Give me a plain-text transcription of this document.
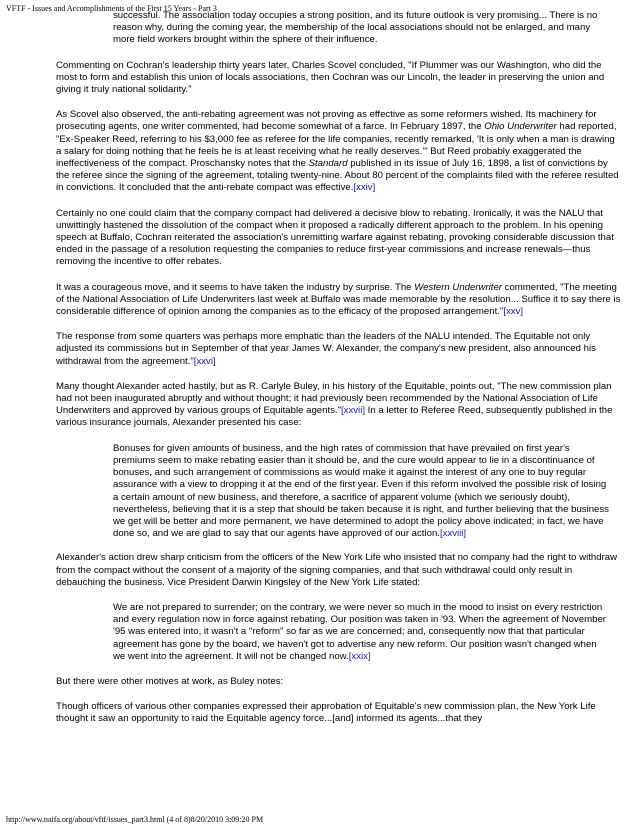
VFTF - Issues and Accomplishments of the First 15 Years - Part 3

successful. The association today occupies a strong position, and its future outlook is very promising... There is no reason why, during the coming year, the membership of the local associations should not be enlarged, and many more field workers brought within the sphere of their influence.

Commenting on Cochran's leadership thirty years later, Charles Scovel concluded, "If Plummer was our Washington, who did the most to form and establish this union of locals associations, then Cochran was our Lincoln, the leader in preserving the union and giving it truly national solidarity."

As Scovel also observed, the anti-rebating agreement was not proving as effective as some reformers wished. Its machinery for prosecuting agents, one writer commented, had become somewhat of a farce. In February 1897, the Ohio Underwriter had reported, "Ex-Speaker Reed, referring to his $3,000 fee as referee for the life companies, recently remarked, 'It is only when a man is drawing a salary for doing nothing that he feels he is at least receiving what he really deserves.'" But Reed probably exaggerated the ineffectiveness of the compact. Proschansky notes that the Standard published in its issue of July 16, 1898, a list of convictions by the referee since the signing of the agreement, totaling twenty-nine. About 80 percent of the complaints filed with the referee resulted in convictions. It concluded that the anti-rebate compact was effective.[xxiv]

Certainly no one could claim that the company compact had delivered a decisive blow to rebating. Ironically, it was the NALU that unwittingly hastened the dissolution of the compact when it proposed a radically different approach to the problem. In his opening speech at Buffalo, Cochran reiterated the association's unremitting warfare against rebating, provoking considerable discussion that ended in the passage of a resolution requesting the companies to reduce first-year commissions and increase renewals—thus removing the incentive to offer rebates.

It was a courageous move, and it seems to have taken the industry by surprise. The Western Underwriter commented, "The meeting of the National Association of Life Underwriters last week at Buffalo was made memorable by the resolution... Suffice it to say there is considerable difference of opinion among the companies as to the efficacy of the proposed arrangement."[xxv]

The response from some quarters was perhaps more emphatic than the leaders of the NALU intended. The Equitable not only adjusted its commissions but in September of that year James W. Alexander, the company's new president, also announced his withdrawal from the agreement."[xxvi]

Many thought Alexander acted hastily, but as R. Carlyle Buley, in his history of the Equitable, points out, "The new commission plan had not been inaugurated abruptly and without thought; it had previously been recommended by the National Association of Life Underwriters and approved by various groups of Equitable agents."[xxvii] In a letter to Referee Reed, subsequently published in the various insurance journals, Alexander presented his case:

Bonuses for given amounts of business, and the high rates of commission that have prevailed on first year's premiums seem to make rebating easier than it should be, and the cure would appear to lie in a discontinuance of bonuses, and such arrangement of commissions as would make it against the interest of any one to buy regular assurance with a view to dropping it at the end of the first year. Even if this reform involved the possible risk of losing a certain amount of new business, and therefore, a sacrifice of apparent volume (which we seriously doubt), nevertheless, believing that it is a step that should be taken because it is right, and further believing that the business we get will be better and more permanent, we have determined to adopt the policy above indicated; in fact, we have done so, and we are glad to say that our agents have approved of our action.[xxviii]

Alexander's action drew sharp criticism from the officers of the New York Life who insisted that no company had the right to withdraw from the compact without the consent of a majority of the signing companies, and that such withdrawal could only result in debauching the business. Vice President Darwin Kingsley of the New York Life stated:

We are not prepared to surrender; on the contrary, we were never so much in the mood to insist on every restriction and every regulation now in force against rebating. Our position was taken in '93. When the agreement of November '95 was entered into, it wasn't a "reform" so far as we are concerned; and, consequently now that that particular agreement has gone by the board, we haven't got to advertise any new reform. Our position wasn't changed when we went into the agreement. It will not be changed now.[xxix]

But there were other motives at work, as Buley notes:

Though officers of various other companies expressed their approbation of Equitable's new commission plan, the New York Life thought it saw an opportunity to raid the Equitable agency force...[and] informed its agents...that they

http://www.naifa.org/about/vftf/issues_part3.html (4 of 8)8/20/2010 3:09:20 PM
